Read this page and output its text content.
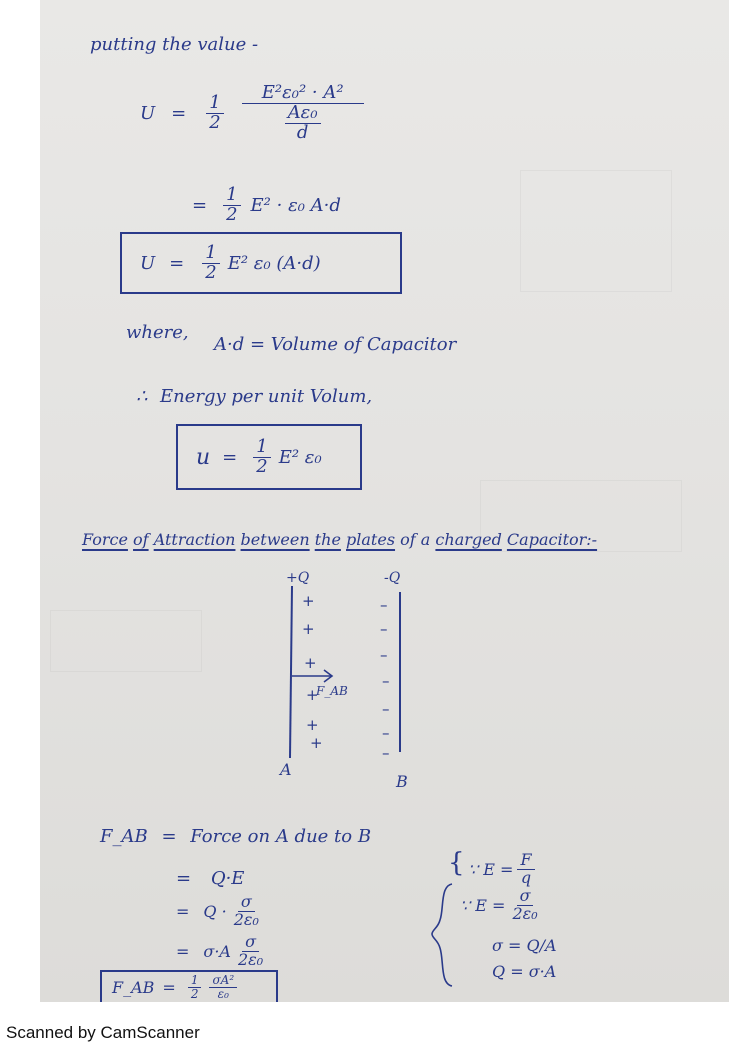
putting the value -
$U = \frac{1}{2} \frac{\text{E²ε₀² · A²}}{\frac{\text{Aε₀}}{d}}$
= $\frac{1}{2} E^2 \cdot \varepsilon_0$ A·d
$U = \frac{1}{2} E^2$ ε₀ (A·d)
where,
A·d = Volume of Capacitor
∴ Energy per unit Volum,
$u = \frac{1}{2} E^2$ ε₀
Force of Attraction between the plates of a charged Capacitor:-
+Q	-Q
+
+
+
+
+
+
–
–
–
–
–
–
–
F_AB
A
B
F_AB = Force on A due to B
= Q·E
= $Q \cdot \frac{\sigma}{\text{2ε₀}}$
= $\sigma\cdot A \frac{\sigma}{\text{2ε₀}}$
F_AB = $\frac{1}{2} \frac{\text{σA²}}{\text{ε₀}}$
{ ∵ $E = \frac{F}{q}$
∵ $E = \frac{\sigma}{\text{2ε₀}}$
σ = Q/A
Q = σ·A
Scanned by CamScanner
